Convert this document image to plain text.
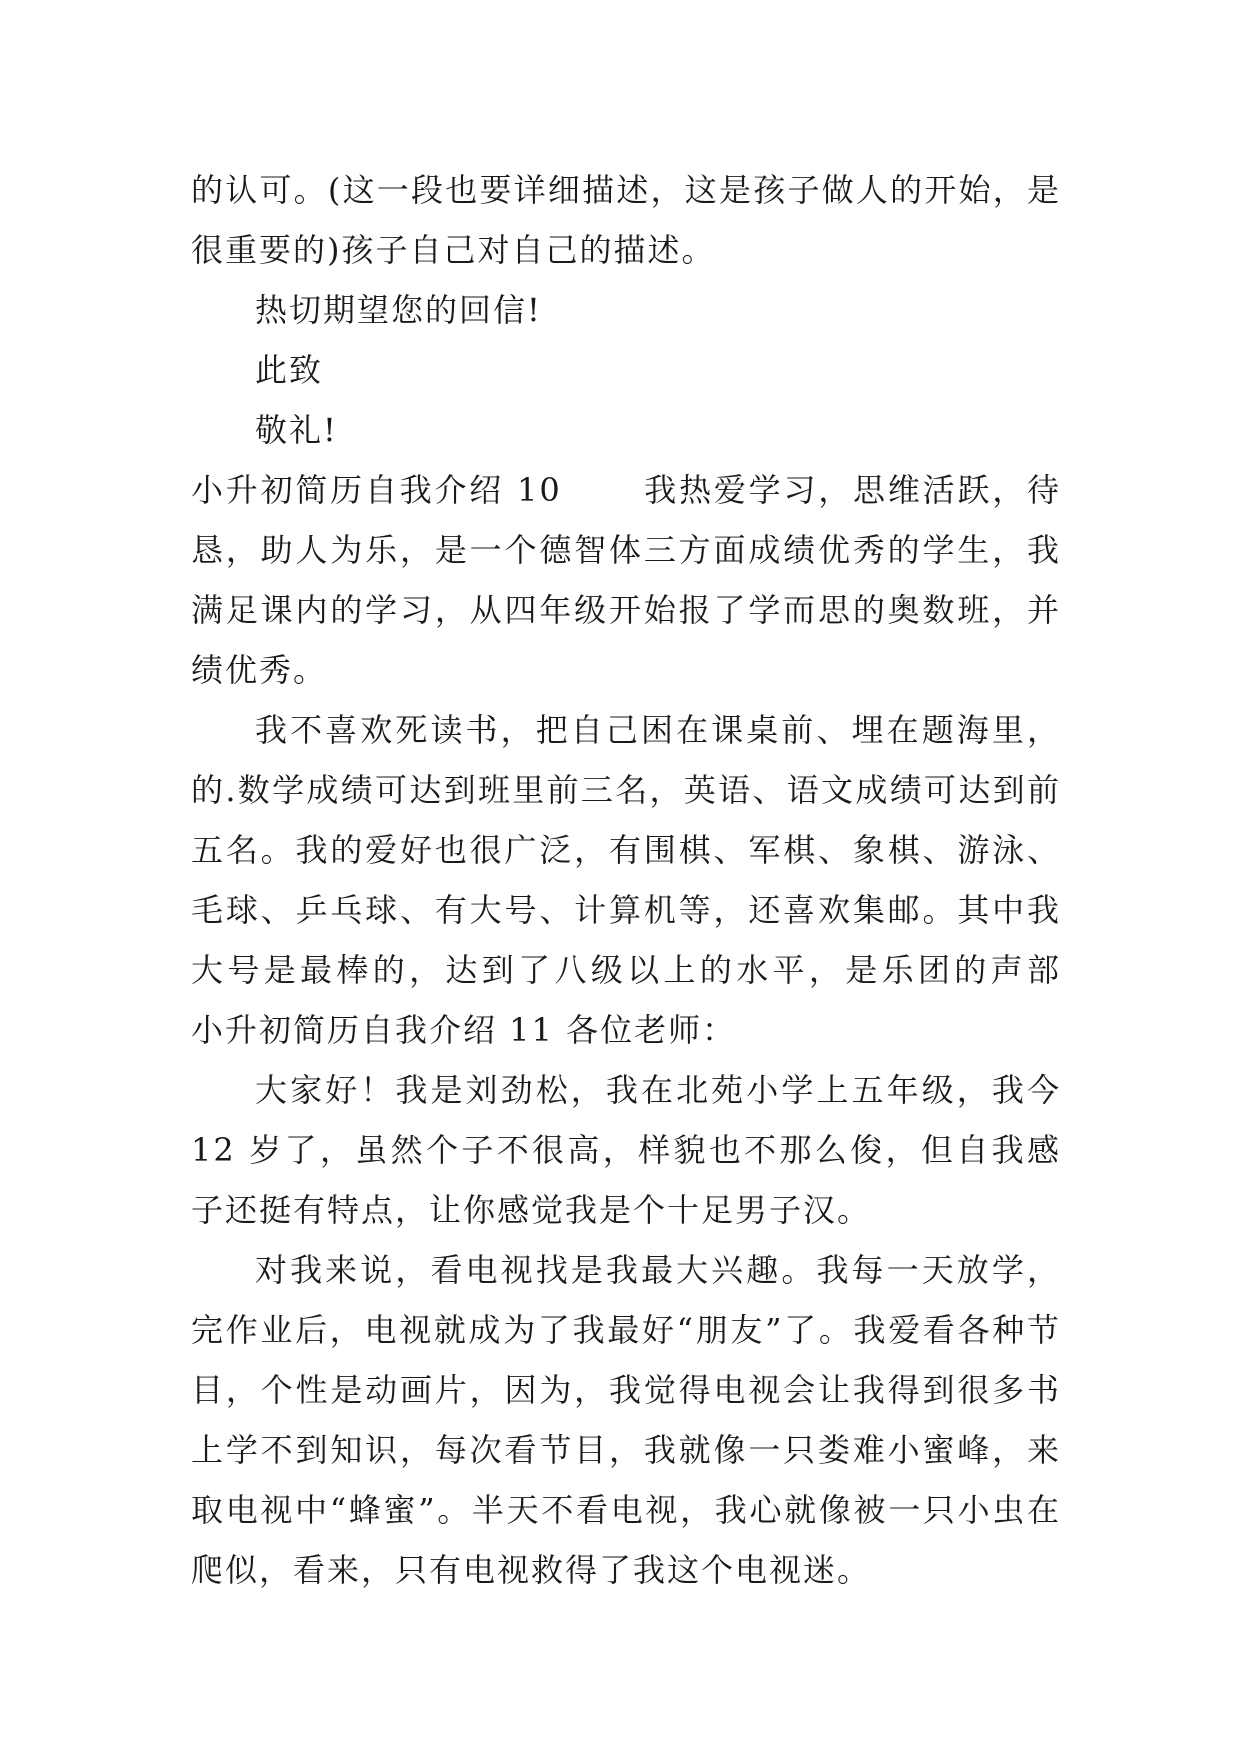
的认可。(这一段也要详细描述，这是孩子做人的开始，是
很重要的)孩子自己对自己的描述。
热切期望您的回信!
此致
敬礼!
小升初简历自我介绍 10 　　我热爱学习，思维活跃，待
恳，助人为乐，是一个德智体三方面成绩优秀的学生，我
满足课内的学习，从四年级开始报了学而思的奥数班，并
绩优秀。
我不喜欢死读书，把自己困在课桌前、埋在题海里，
的.数学成绩可达到班里前三名，英语、语文成绩可达到前
五名。我的爱好也很广泛，有围棋、军棋、象棋、游泳、
毛球、乒乓球、有大号、计算机等，还喜欢集邮。其中我
大号是最棒的，达到了八级以上的水平，是乐团的声部
小升初简历自我介绍 11 各位老师：
大家好！我是刘劲松，我在北苑小学上五年级，我今
12 岁了，虽然个子不很高，样貌也不那么俊，但自我感
子还挺有特点，让你感觉我是个十足男子汉。
对我来说，看电视找是我最大兴趣。我每一天放学，
完作业后，电视就成为了我最好“朋友”了。我爱看各种节
目，个性是动画片，因为，我觉得电视会让我得到很多书
上学不到知识，每次看节目，我就像一只娄难小蜜峰，来
取电视中“蜂蜜”。半天不看电视，我心就像被一只小虫在
爬似，看来，只有电视救得了我这个电视迷。
